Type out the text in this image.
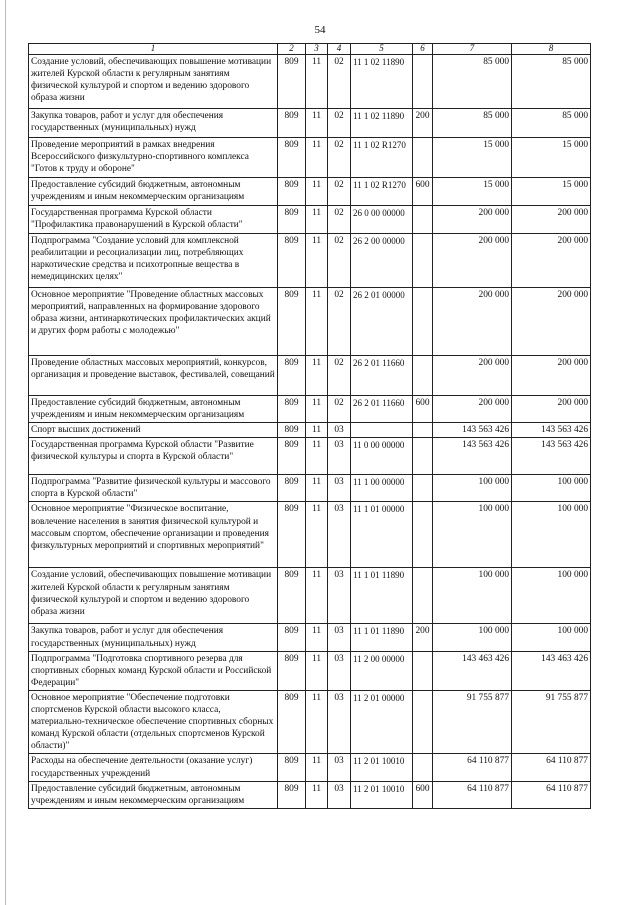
54
1	2	3	4	5	6	7	8
Создание условий, обеспечивающих повышение мотивации жителей Курской области к регулярным занятиям физической культурой и спортом и ведению здорового образа жизни	809	11	02	11 1 02 11890		85 000	85 000
Закупка товаров, работ и услуг для обеспечения государственных (муниципальных) нужд	809	11	02	11 1 02 11890	200	85 000	85 000
Проведение мероприятий в рамках внедрения Всероссийского физкультурно-спортивного комплекса "Готов к труду и обороне"	809	11	02	11 1 02 R1270		15 000	15 000
Предоставление субсидий бюджетным, автономным учреждениям и иным некоммерческим организациям	809	11	02	11 1 02 R1270	600	15 000	15 000
Государственная программа Курской области "Профилактика правонарушений в Курской области"	809	11	02	26 0 00 00000		200 000	200 000
Подпрограмма "Создание условий для комплексной реабилитации и ресоциализации лиц, потребляющих наркотические средства и психотропные вещества в немедицинских целях"	809	11	02	26 2 00 00000		200 000	200 000
Основное мероприятие "Проведение областных массовых мероприятий, направленных на формирование здорового образа жизни, антинаркотических профилактических акций и других форм работы с молодежью"	809	11	02	26 2 01 00000		200 000	200 000
Проведение областных массовых мероприятий, конкурсов, организация и проведение выставок, фестивалей, совещаний	809	11	02	26 2 01 11660		200 000	200 000
Предоставление субсидий бюджетным, автономным учреждениям и иным некоммерческим организациям	809	11	02	26 2 01 11660	600	200 000	200 000
Спорт высших достижений	809	11	03			143 563 426	143 563 426
Государственная программа Курской области "Развитие физической культуры и спорта в Курской области"	809	11	03	11 0 00 00000		143 563 426	143 563 426
Подпрограмма "Развитие физической культуры и массового спорта в Курской области"	809	11	03	11 1 00 00000		100 000	100 000
Основное мероприятие "Физическое воспитание, вовлечение населения в занятия физической культурой и массовым спортом, обеспечение организации и проведения физкультурных мероприятий и спортивных мероприятий"	809	11	03	11 1 01 00000		100 000	100 000
Создание условий, обеспечивающих повышение мотивации жителей Курской области к регулярным занятиям физической культурой и спортом и ведению здорового образа жизни	809	11	03	11 1 01 11890		100 000	100 000
Закупка товаров, работ и услуг для обеспечения государственных (муниципальных) нужд	809	11	03	11 1 01 11890	200	100 000	100 000
Подпрограмма "Подготовка спортивного резерва для спортивных сборных команд Курской области и Российской Федерации"	809	11	03	11 2 00 00000		143 463 426	143 463 426
Основное мероприятие "Обеспечение подготовки спортсменов Курской области высокого класса, материально-техническое обеспечение спортивных сборных команд Курской области (отдельных спортсменов Курской области)"	809	11	03	11 2 01 00000		91 755 877	91 755 877
Расходы на обеспечение деятельности (оказание услуг) государственных учреждений	809	11	03	11 2 01 10010		64 110 877	64 110 877
Предоставление субсидий бюджетным, автономным учреждениям и иным некоммерческим организациям	809	11	03	11 2 01 10010	600	64 110 877	64 110 877
